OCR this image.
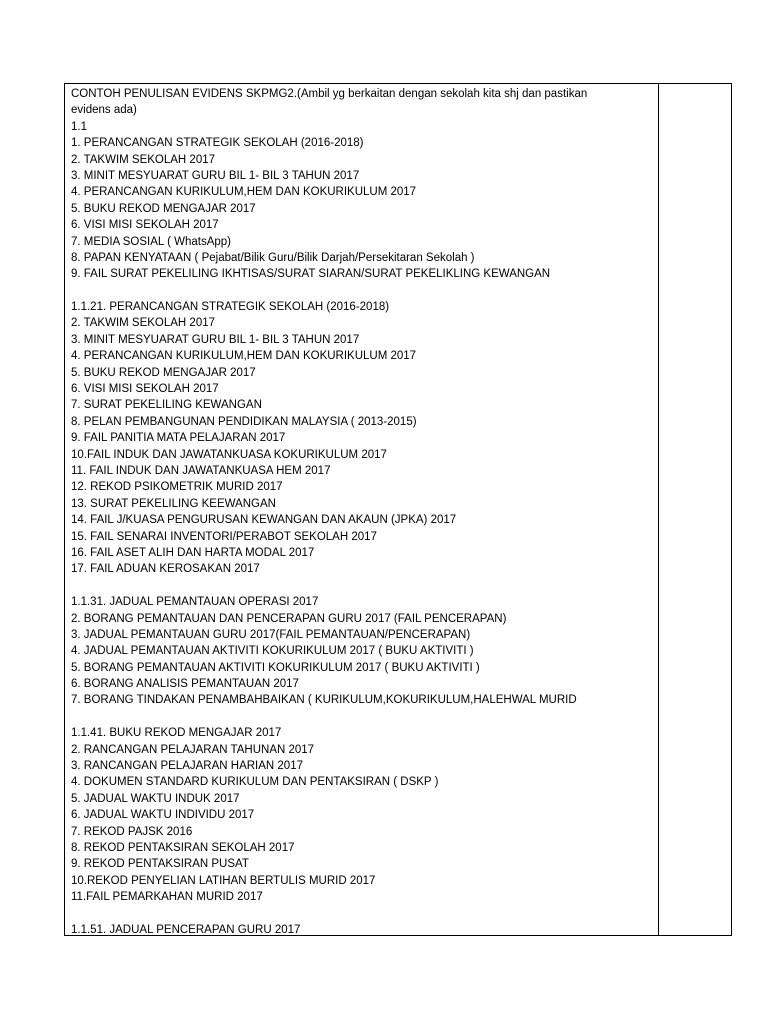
CONTOH PENULISAN EVIDENS SKPMG2.(Ambil yg berkaitan dengan sekolah kita shj dan pastikan
evidens ada)
1.1
1. PERANCANGAN STRATEGIK SEKOLAH (2016-2018)
2. TAKWIM SEKOLAH 2017
3. MINIT MESYUARAT GURU BIL 1- BIL 3 TAHUN 2017
4. PERANCANGAN KURIKULUM,HEM DAN KOKURIKULUM 2017
5. BUKU REKOD MENGAJAR 2017
6. VISI MISI SEKOLAH 2017
7. MEDIA SOSIAL ( WhatsApp)
8. PAPAN KENYATAAN ( Pejabat/Bilik Guru/Bilik Darjah/Persekitaran Sekolah )
9. FAIL SURAT PEKELILING IKHTISAS/SURAT SIARAN/SURAT PEKELIKLING KEWANGAN
1.1.21. PERANCANGAN STRATEGIK SEKOLAH (2016-2018)
2. TAKWIM SEKOLAH 2017
3. MINIT MESYUARAT GURU BIL 1- BIL 3 TAHUN 2017
4. PERANCANGAN KURIKULUM,HEM DAN KOKURIKULUM 2017
5. BUKU REKOD MENGAJAR 2017
6. VISI MISI SEKOLAH 2017
7. SURAT PEKELILING KEWANGAN
8. PELAN PEMBANGUNAN PENDIDIKAN MALAYSIA ( 2013-2015)
9. FAIL PANITIA MATA PELAJARAN 2017
10.FAIL INDUK DAN JAWATANKUASA KOKURIKULUM 2017
11. FAIL INDUK DAN JAWATANKUASA HEM 2017
12. REKOD PSIKOMETRIK MURID 2017
13. SURAT PEKELILING KEEWANGAN
14. FAIL J/KUASA PENGURUSAN KEWANGAN DAN AKAUN (JPKA) 2017
15. FAIL SENARAI INVENTORI/PERABOT SEKOLAH 2017
16. FAIL ASET ALIH DAN HARTA MODAL 2017
17. FAIL ADUAN KEROSAKAN 2017
1.1.31. JADUAL PEMANTAUAN OPERASI 2017
2. BORANG PEMANTAUAN DAN PENCERAPAN GURU 2017 (FAIL PENCERAPAN)
3. JADUAL PEMANTAUAN GURU 2017(FAIL PEMANTAUAN/PENCERAPAN)
4. JADUAL PEMANTAUAN AKTIVITI KOKURIKULUM 2017 ( BUKU AKTIVITI )
5. BORANG PEMANTAUAN AKTIVITI KOKURIKULUM 2017 ( BUKU AKTIVITI )
6. BORANG ANALISIS PEMANTAUAN 2017
7. BORANG TINDAKAN PENAMBAHBAIKAN ( KURIKULUM,KOKURIKULUM,HALEHWAL MURID
1.1.41. BUKU REKOD MENGAJAR 2017
2. RANCANGAN PELAJARAN TAHUNAN 2017
3. RANCANGAN PELAJARAN HARIAN 2017
4. DOKUMEN STANDARD KURIKULUM DAN PENTAKSIRAN ( DSKP )
5. JADUAL WAKTU INDUK 2017
6. JADUAL WAKTU INDIVIDU 2017
7. REKOD PAJSK 2016
8. REKOD PENTAKSIRAN SEKOLAH 2017
9. REKOD PENTAKSIRAN PUSAT
10.REKOD PENYELIAN LATIHAN BERTULIS MURID 2017
11.FAIL PEMARKAHAN MURID 2017
1.1.51. JADUAL PENCERAPAN GURU 2017
